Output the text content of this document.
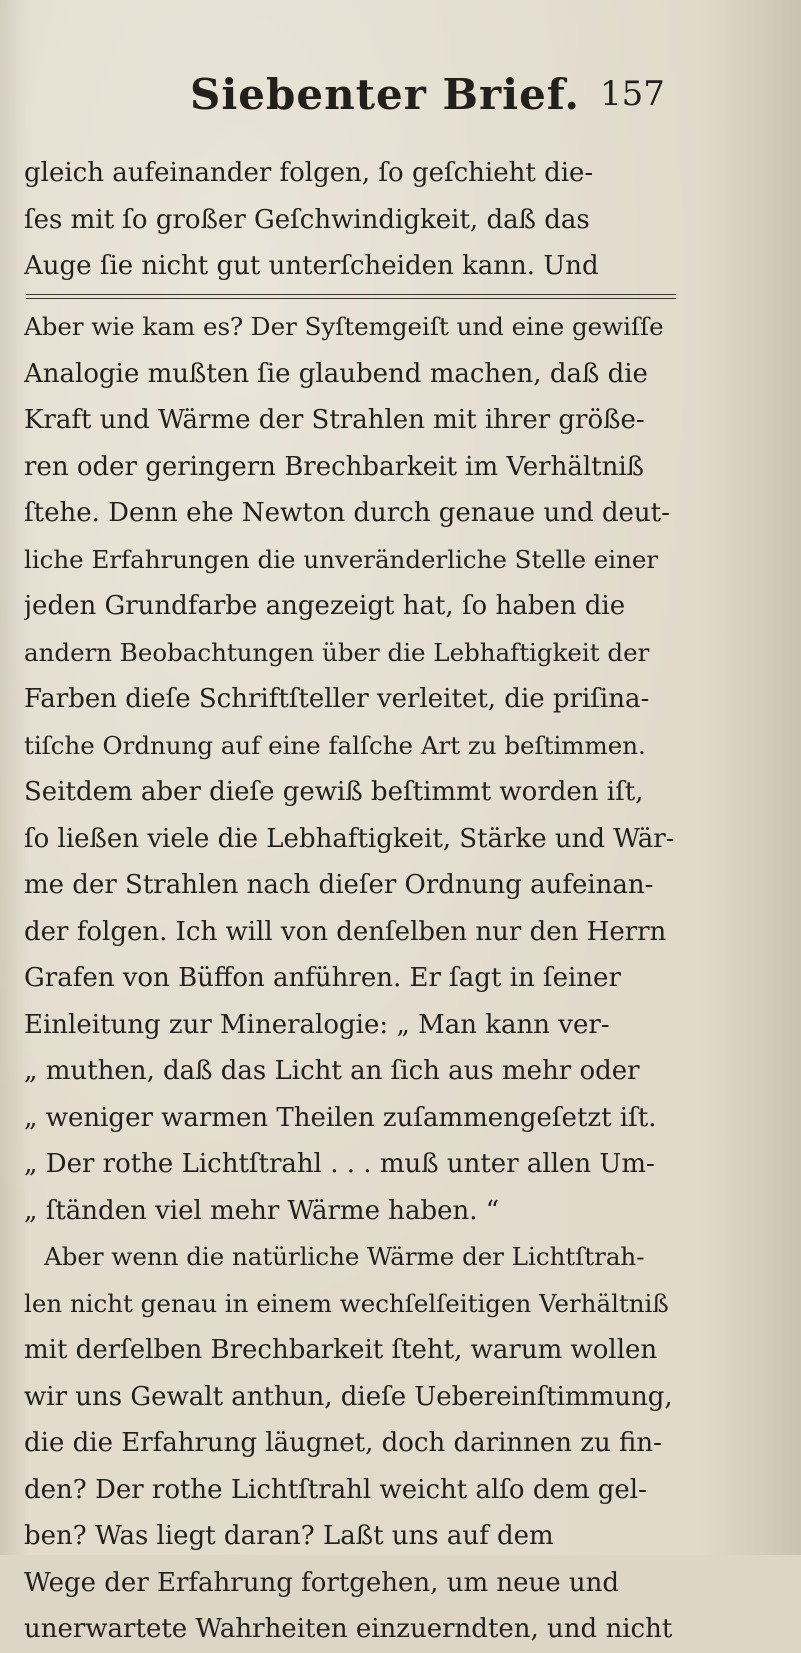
Siebenter Brief. 157
gleich aufeinander folgen, ſo geſchieht die-
ſes mit ſo großer Geſchwindigkeit, daß das
Auge ſie nicht gut unterſcheiden kann. Und
Aber wie kam es? Der Syſtemgeiſt und eine gewiſſe
Analogie mußten ſie glaubend machen, daß die
Kraft und Wärme der Strahlen mit ihrer größe-
ren oder geringern Brechbarkeit im Verhältniß
ſtehe. Denn ehe Newton durch genaue und deut-
liche Erfahrungen die unveränderliche Stelle einer
jeden Grundfarbe angezeigt hat, ſo haben die
andern Beobachtungen über die Lebhaftigkeit der
Farben dieſe Schriftſteller verleitet, die priſina-
tiſche Ordnung auf eine falſche Art zu beſtimmen.
Seitdem aber dieſe gewiß beſtimmt worden iſt,
ſo ließen viele die Lebhaftigkeit, Stärke und Wär-
me der Strahlen nach dieſer Ordnung aufeinan-
der folgen. Ich will von denſelben nur den Herrn
Grafen von Büffon anführen. Er ſagt in ſeiner
Einleitung zur Mineralogie: „ Man kann ver-
„ muthen, daß das Licht an ſich aus mehr oder
„ weniger warmen Theilen zuſammengeſetzt iſt.
„ Der rothe Lichtſtrahl . . . muß unter allen Um-
„ ſtänden viel mehr Wärme haben. “
Aber wenn die natürliche Wärme der Lichtſtrah-
len nicht genau in einem wechſelſeitigen Verhältniß
mit derſelben Brechbarkeit ſteht, warum wollen
wir uns Gewalt anthun, dieſe Uebereinſtimmung,
die die Erfahrung läugnet, doch darinnen zu fin-
den? Der rothe Lichtſtrahl weicht alſo dem gel-
ben? Was liegt daran? Laßt uns auf dem
Wege der Erfahrung fortgehen, um neue und
unerwartete Wahrheiten einzuerndten, und nicht
